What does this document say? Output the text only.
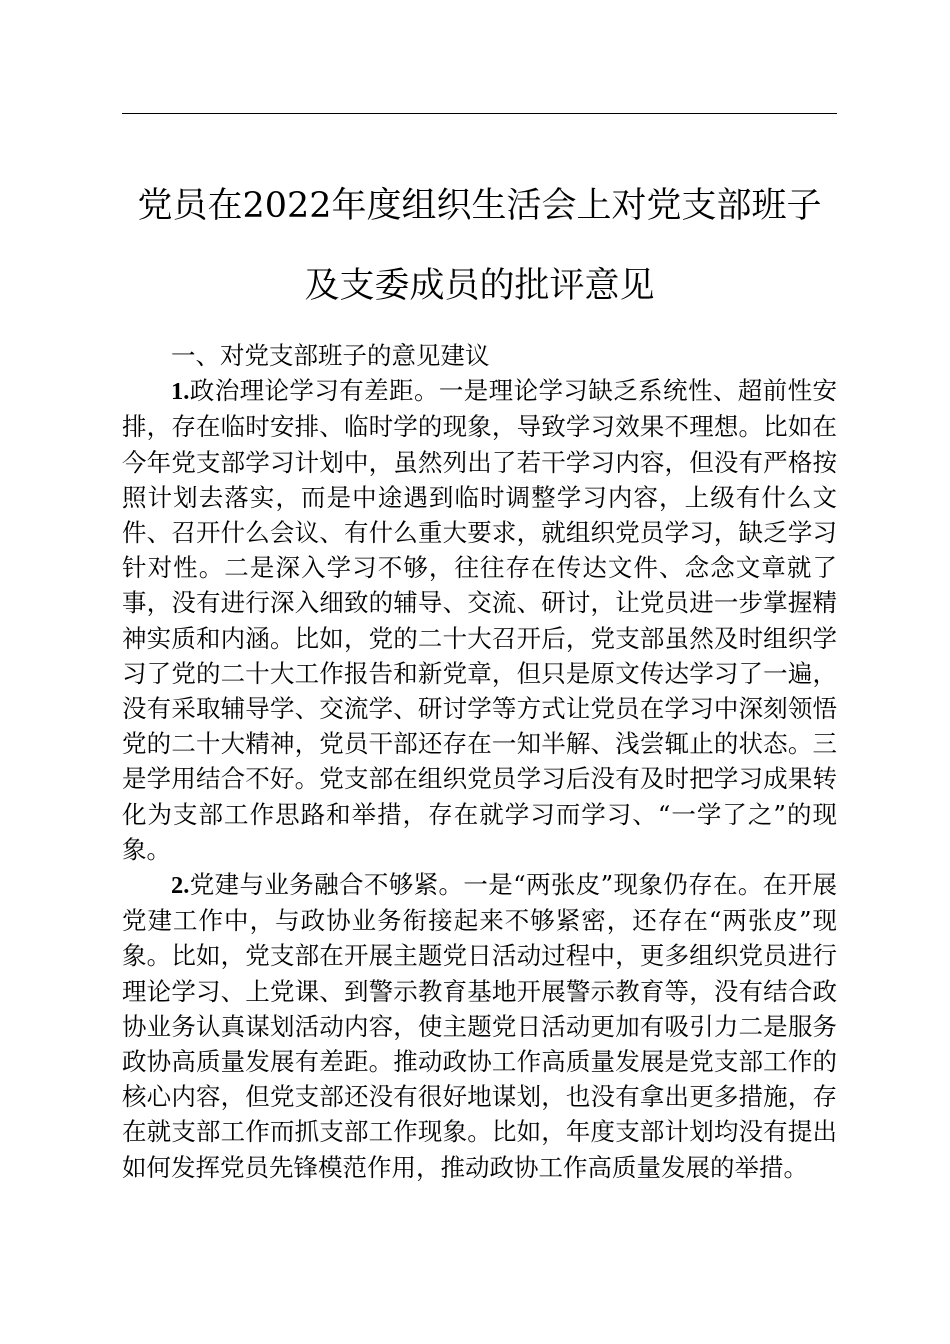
党员在2022年度组织生活会上对党支部班子
及支委成员的批评意见

一、对党支部班子的意见建议

1.政治理论学习有差距。一是理论学习缺乏系统性、超前性安排，存在临时安排、临时学的现象，导致学习效果不理想。比如在今年党支部学习计划中，虽然列出了若干学习内容，但没有严格按照计划去落实，而是中途遇到临时调整学习内容，上级有什么文件、召开什么会议、有什么重大要求，就组织党员学习，缺乏学习针对性。二是深入学习不够，往往存在传达文件、念念文章就了事，没有进行深入细致的辅导、交流、研讨，让党员进一步掌握精神实质和内涵。比如，党的二十大召开后，党支部虽然及时组织学习了党的二十大工作报告和新党章，但只是原文传达学习了一遍，没有采取辅导学、交流学、研讨学等方式让党员在学习中深刻领悟党的二十大精神，党员干部还存在一知半解、浅尝辄止的状态。三是学用结合不好。党支部在组织党员学习后没有及时把学习成果转化为支部工作思路和举措，存在就学习而学习、“一学了之”的现象。

2.党建与业务融合不够紧。一是“两张皮”现象仍存在。在开展党建工作中，与政协业务衔接起来不够紧密，还存在“两张皮”现象。比如，党支部在开展主题党日活动过程中，更多组织党员进行理论学习、上党课、到警示教育基地开展警示教育等，没有结合政协业务认真谋划活动内容，使主题党日活动更加有吸引力二是服务政协高质量发展有差距。推动政协工作高质量发展是党支部工作的核心内容，但党支部还没有很好地谋划，也没有拿出更多措施，存在就支部工作而抓支部工作现象。比如，年度支部计划均没有提出如何发挥党员先锋模范作用，推动政协工作高质量发展的举措。
